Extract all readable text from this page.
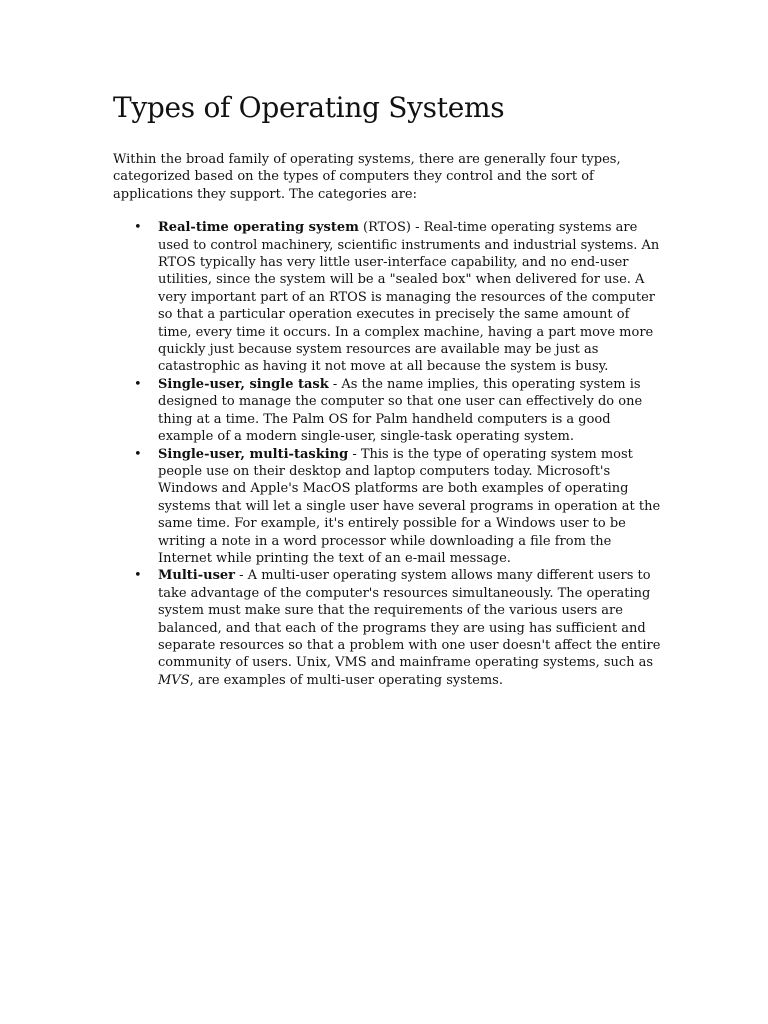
Types of Operating Systems

Within the broad family of operating systems, there are generally four types, categorized based on the types of computers they control and the sort of applications they support. The categories are:

• Real-time operating system (RTOS) - Real-time operating systems are used to control machinery, scientific instruments and industrial systems. An RTOS typically has very little user-interface capability, and no end-user utilities, since the system will be a "sealed box" when delivered for use. A very important part of an RTOS is managing the resources of the computer so that a particular operation executes in precisely the same amount of time, every time it occurs. In a complex machine, having a part move more quickly just because system resources are available may be just as catastrophic as having it not move at all because the system is busy.
• Single-user, single task - As the name implies, this operating system is designed to manage the computer so that one user can effectively do one thing at a time. The Palm OS for Palm handheld computers is a good example of a modern single-user, single-task operating system.
• Single-user, multi-tasking - This is the type of operating system most people use on their desktop and laptop computers today. Microsoft's Windows and Apple's MacOS platforms are both examples of operating systems that will let a single user have several programs in operation at the same time. For example, it's entirely possible for a Windows user to be writing a note in a word processor while downloading a file from the Internet while printing the text of an e-mail message.
• Multi-user - A multi-user operating system allows many different users to take advantage of the computer's resources simultaneously. The operating system must make sure that the requirements of the various users are balanced, and that each of the programs they are using has sufficient and separate resources so that a problem with one user doesn't affect the entire community of users. Unix, VMS and mainframe operating systems, such as MVS, are examples of multi-user operating systems.
